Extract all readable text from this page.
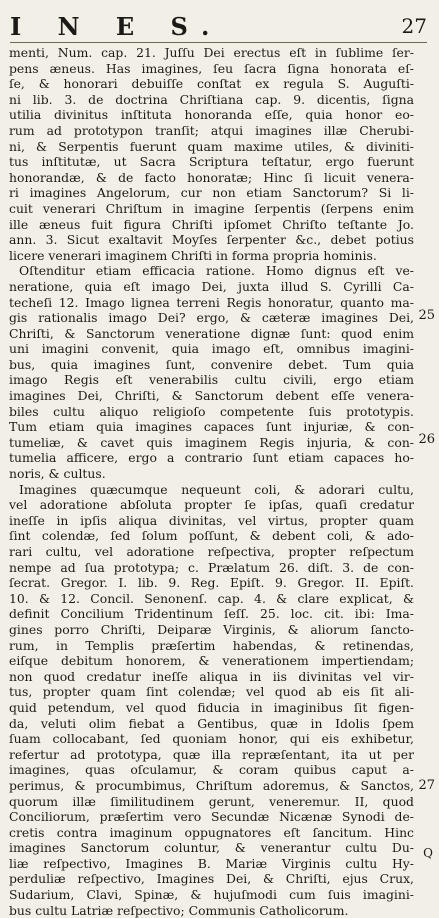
I N E S.	27
menti, Num. cap. 21. Juſſu Dei erectus eſt in ſublime ſer-
pens æneus. Has imagines, ſeu ſacra ſigna honorata eſ-
ſe, & honorari debuiſſe conſtat ex regula S. Auguſti-
ni lib. 3. de doctrina Chriſtiana cap. 9. dicentis, ſigna
utilia divinitus inſtituta honoranda eſſe, quia honor eo-
rum ad prototypon tranſit; atqui imagines illæ Cherubi-
ni, & Serpentis fuerunt quam maxime utiles, & diviniti-
tus inſtitutæ, ut Sacra Scriptura teſtatur, ergo fuerunt
honorandæ, & de facto honoratæ; Hinc ſi licuit venera-
ri imagines Angelorum, cur non etiam Sanctorum? Si li-
cuit venerari Chriſtum in imagine ſerpentis (ſerpens enim
ille æneus fuit figura Chriſti ipſomet Chriſto teſtante Jo.
ann. 3. Sicut exaltavit Moyſes ſerpenter &c., debet potius
licere venerari imaginem Chriſti in forma propria hominis.
Oſtenditur etiam efficacia ratione. Homo dignus eſt ve-
neratione, quia eſt imago Dei, juxta illud S. Cyrilli Ca-
techeſi 12. Imago lignea terreni Regis honoratur, quanto ma-
gis rationalis imago Dei? ergo, & cæteræ imagines Dei,
Chriſti, & Sanctorum veneratione dignæ ſunt: quod enim
uni imagini convenit, quia imago eſt, omnibus imagini-
bus, quia imagines ſunt, convenire debet. Tum quia
imago Regis eſt venerabilis cultu civili, ergo etiam
imagines Dei, Chriſti, & Sanctorum debent eſſe venera-
biles cultu aliquo religioſo competente ſuis prototypis.
Tum etiam quia imagines capaces ſunt injuriæ, & con-
tumeliæ, & cavet quis imaginem Regis injuria, & con-
tumelia afficere, ergo a contrario ſunt etiam capaces ho-
noris, & cultus.
Imagines quæcumque nequeunt coli, & adorari cultu,
vel adoratione abſoluta propter ſe ipſas, quaſi credatur
ineſſe in ipſis aliqua divinitas, vel virtus, propter quam
ſint colendæ, ſed ſolum poſſunt, & debent coli, & ado-
rari cultu, vel adoratione reſpectiva, propter reſpectum
nempe ad ſua prototypa; c. Prælatum 26. diſt. 3. de con-
ſecrat. Gregor. I. lib. 9. Reg. Epiſt. 9. Gregor. II. Epiſt.
10. & 12. Concil. Senonenſ. cap. 4. & clare explicat, &
definit Concilium Tridentinum ſeſſ. 25. loc. cit. ibi: Ima-
gines porro Chriſti, Deiparæ Virginis, & aliorum ſancto-
rum, in Templis præſertim habendas, & retinendas,
eiſque debitum honorem, & venerationem impertiendam;
non quod credatur ineſſe aliqua in iis divinitas vel vir-
tus, propter quam ſint colendæ; vel quod ab eis ſit ali-
quid petendum, vel quod fiducia in imaginibus ſit figen-
da, veluti olim fiebat a Gentibus, quæ in Idolis ſpem
ſuam collocabant, ſed quoniam honor, qui eis exhibetur,
refertur ad prototypa, quæ illa repræſentant, ita ut per
imagines, quas oſculamur, & coram quibus caput a-
perimus, & procumbimus, Chriſtum adoremus, & Sanctos,
quorum illæ ſimilitudinem gerunt, veneremur. II, quod
Conciliorum, præſertim vero Secundæ Nicænæ Synodi de-
cretis contra imaginum oppugnatores eſt ſancitum. Hinc
imagines Sanctorum coluntur, & venerantur cultu Du-
liæ reſpectivo, Imagines B. Mariæ Virginis cultu Hy-
perduliæ reſpectivo, Imagines Dei, & Chriſti, ejus Crux,
Sudarium, Clavi, Spinæ, & hujuſmodi cum ſuis imagini-
bus cultu Latriæ reſpectivo; Communis Catholicorum.
25
26
27
Q
